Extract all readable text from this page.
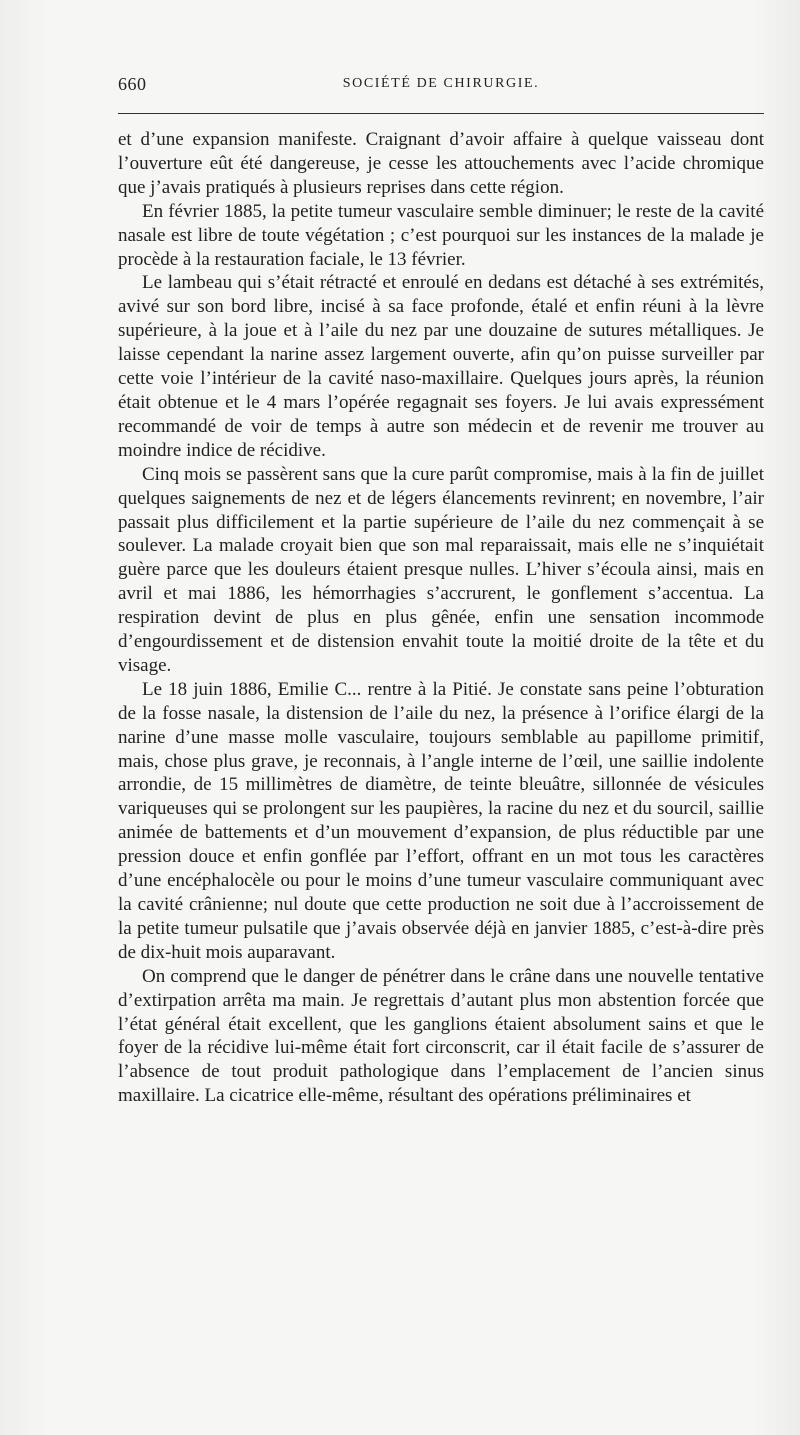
660	SOCIÉTÉ DE CHIRURGIE.

et d’une expansion manifeste. Craignant d’avoir affaire à quelque vaisseau dont l’ouverture eût été dangereuse, je cesse les attouchements avec l’acide chromique que j’avais pratiqués à plusieurs reprises dans cette région.

En février 1885, la petite tumeur vasculaire semble diminuer; le reste de la cavité nasale est libre de toute végétation ; c’est pourquoi sur les instances de la malade je procède à la restauration faciale, le 13 février.

Le lambeau qui s’était rétracté et enroulé en dedans est détaché à ses extrémités, avivé sur son bord libre, incisé à sa face profonde, étalé et enfin réuni à la lèvre supérieure, à la joue et à l’aile du nez par une douzaine de sutures métalliques. Je laisse cependant la narine assez largement ouverte, afin qu’on puisse surveiller par cette voie l’intérieur de la cavité naso-maxillaire. Quelques jours après, la réunion était obtenue et le 4 mars l’opérée regagnait ses foyers. Je lui avais expressément recommandé de voir de temps à autre son médecin et de revenir me trouver au moindre indice de récidive.

Cinq mois se passèrent sans que la cure parût compromise, mais à la fin de juillet quelques saignements de nez et de légers élancements revinrent; en novembre, l’air passait plus difficilement et la partie supérieure de l’aile du nez commençait à se soulever. La malade croyait bien que son mal reparaissait, mais elle ne s’inquiétait guère parce que les douleurs étaient presque nulles. L’hiver s’écoula ainsi, mais en avril et mai 1886, les hémorrhagies s’accrurent, le gonflement s’accentua. La respiration devint de plus en plus gênée, enfin une sensation incommode d’engourdissement et de distension envahit toute la moitié droite de la tête et du visage.

Le 18 juin 1886, Emilie C... rentre à la Pitié. Je constate sans peine l’obturation de la fosse nasale, la distension de l’aile du nez, la présence à l’orifice élargi de la narine d’une masse molle vasculaire, toujours semblable au papillome primitif, mais, chose plus grave, je reconnais, à l’angle interne de l’œil, une saillie indolente arrondie, de 15 millimètres de diamètre, de teinte bleuâtre, sillonnée de vésicules variqueuses qui se prolongent sur les paupières, la racine du nez et du sourcil, saillie animée de battements et d’un mouvement d’expansion, de plus réductible par une pression douce et enfin gonflée par l’effort, offrant en un mot tous les caractères d’une encéphalocèle ou pour le moins d’une tumeur vasculaire communiquant avec la cavité crânienne; nul doute que cette production ne soit due à l’accroissement de la petite tumeur pulsatile que j’avais observée déjà en janvier 1885, c’est-à-dire près de dix-huit mois auparavant.

On comprend que le danger de pénétrer dans le crâne dans une nouvelle tentative d’extirpation arrêta ma main. Je regrettais d’autant plus mon abstention forcée que l’état général était excellent, que les ganglions étaient absolument sains et que le foyer de la récidive lui-même était fort circonscrit, car il était facile de s’assurer de l’absence de tout produit pathologique dans l’emplacement de l’ancien sinus maxillaire. La cicatrice elle-même, résultant des opérations préliminaires et
